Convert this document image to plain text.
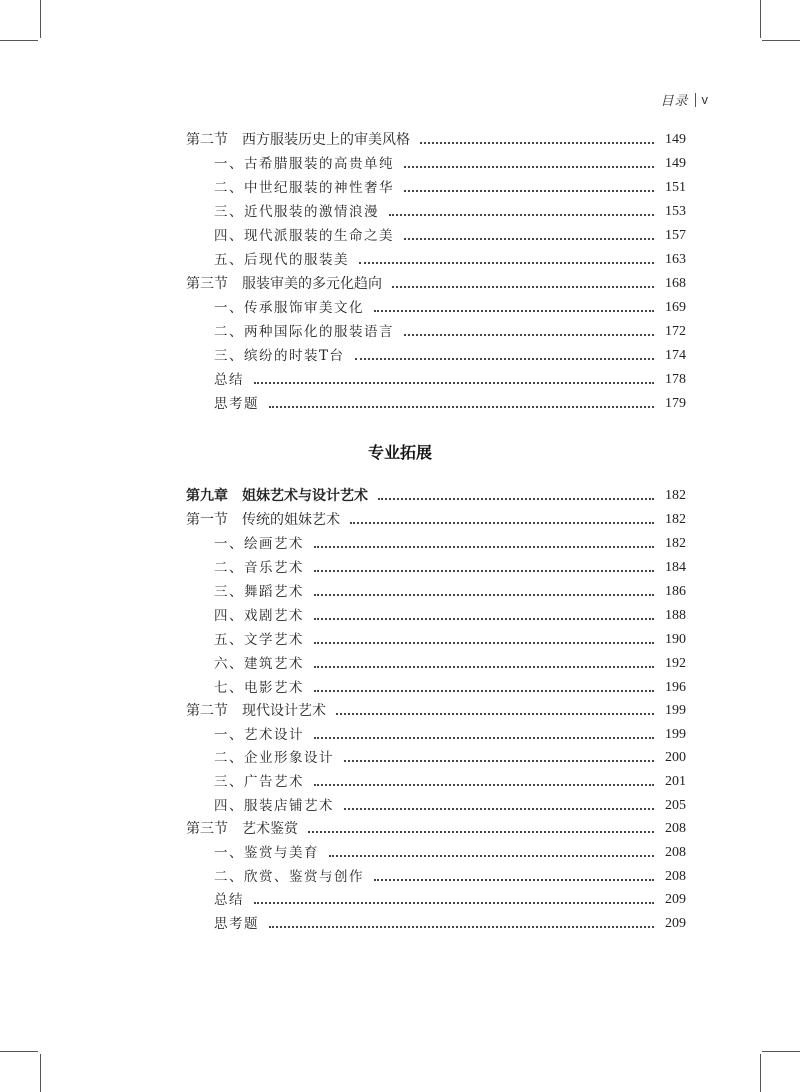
目录 v
第二节 西方服装历史上的审美风格	149
一、古希腊服装的高贵单纯	149
二、中世纪服装的神性奢华	151
三、近代服装的激情浪漫	153
四、现代派服装的生命之美	157
五、后现代的服装美	163
第三节 服装审美的多元化趋向	168
一、传承服饰审美文化	169
二、两种国际化的服装语言	172
三、缤纷的时装T台	174
总结	178
思考题	179
专业拓展
第九章 姐妹艺术与设计艺术	182
第一节 传统的姐妹艺术	182
一、绘画艺术	182
二、音乐艺术	184
三、舞蹈艺术	186
四、戏剧艺术	188
五、文学艺术	190
六、建筑艺术	192
七、电影艺术	196
第二节 现代设计艺术	199
一、艺术设计	199
二、企业形象设计	200
三、广告艺术	201
四、服装店铺艺术	205
第三节 艺术鉴赏	208
一、鉴赏与美育	208
二、欣赏、鉴赏与创作	208
总结	209
思考题	209
